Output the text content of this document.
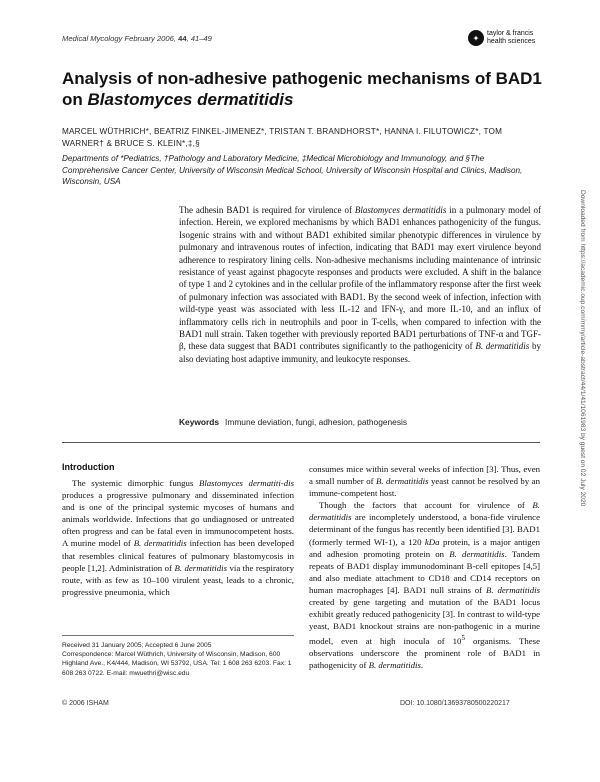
Medical Mycology February 2006, 44, 41–49	✦	taylor & francis
health sciences
Analysis of non-adhesive pathogenic mechanisms of BAD1
on Blastomyces dermatitidis
MARCEL WÜTHRICH*, BEATRIZ FINKEL-JIMENEZ*, TRISTAN T. BRANDHORST*, HANNA I. FILUTOWICZ*, TOM WARNER† & BRUCE S. KLEIN*,‡,§
Departments of *Pediatrics, †Pathology and Laboratory Medicine, ‡Medical Microbiology and Immunology, and §The Comprehensive Cancer Center, University of Wisconsin Medical School, University of Wisconsin Hospital and Clinics, Madison, Wisconsin, USA
The adhesin BAD1 is required for virulence of Blastomyces dermatitidis in a pulmonary model of infection. Herein, we explored mechanisms by which BAD1 enhances pathogenicity of the fungus. Isogenic strains with and without BAD1 exhibited similar phenotypic differences in virulence by pulmonary and intravenous routes of infection, indicating that BAD1 may exert virulence beyond adherence to respiratory lining cells. Non-adhesive mechanisms including maintenance of intrinsic resistance of yeast against phagocyte responses and products were excluded. A shift in the balance of type 1 and 2 cytokines and in the cellular profile of the inflammatory response after the first week of pulmonary infection was associated with BAD1. By the second week of infection, infection with wild-type yeast was associated with less IL-12 and IFN-γ, and more IL-10, and an influx of inflammatory cells rich in neutrophils and poor in T-cells, when compared to infection with the BAD1 null strain. Taken together with previously reported BAD1 perturbations of TNF-α and TGF-β, these data suggest that BAD1 contributes significantly to the pathogenicity of B. dermatitidis by also deviating host adaptive immunity, and leukocyte responses.
Keywords Immune deviation, fungi, adhesion, pathogenesis
Introduction

The systemic dimorphic fungus Blastomyces dermatiti-dis produces a progressive pulmonary and disseminated infection and is one of the principal systemic mycoses of humans and animals worldwide. Infections that go undiagnosed or untreated often progress and can be fatal even in immunocompetent hosts. A murine model of B. dermatitidis infection has been developed that resembles clinical features of pulmonary blastomycosis in people [1,2]. Administration of B. dermatitidis via the respiratory route, with as few as 10–100 virulent yeast, leads to a chronic, progressive pneumonia, which

consumes mice within several weeks of infection [3]. Thus, even a small number of B. dermatitidis yeast cannot be resolved by an immune-competent host.

Though the factors that account for virulence of B. dermatitidis are incompletely understood, a bona-fide virulence determinant of the fungus has recently been identified [3]. BAD1 (formerly termed WI-1), a 120 kDa protein, is a major antigen and adhesion promoting protein on B. dermatitidis. Tandem repeats of BAD1 display immunodominant B-cell epitopes [4,5] and also mediate attachment to CD18 and CD14 receptors on human macrophages [4]. BAD1 null strains of B. dermatitidis created by gene targeting and mutation of the BAD1 locus exhibit greatly reduced pathogenicity [3]. In contrast to wild-type yeast, BAD1 knockout strains are non-pathogenic in a murine model, even at high inocula of $10^5$ organisms. These observations underscore the prominent role of BAD1 in pathogenicity of B. dermatitidis.

Received 31 January 2005; Accepted 6 June 2005
Correspondence: Marcel Wüthrich, University of Wisconsin, Madison, 600 Highland Ave., K4/444, Madison, WI 53792, USA. Tel: 1 608 263 6203. Fax: 1 608 263 0722. E-mail: mwuethri@wisc.edu
© 2006 ISHAM	DOI: 10.1080/13693780500220217
Downloaded from https://academic.oup.com/mmy/article-abstract/44/1/41/1061983 by guest on 02 July 2020
